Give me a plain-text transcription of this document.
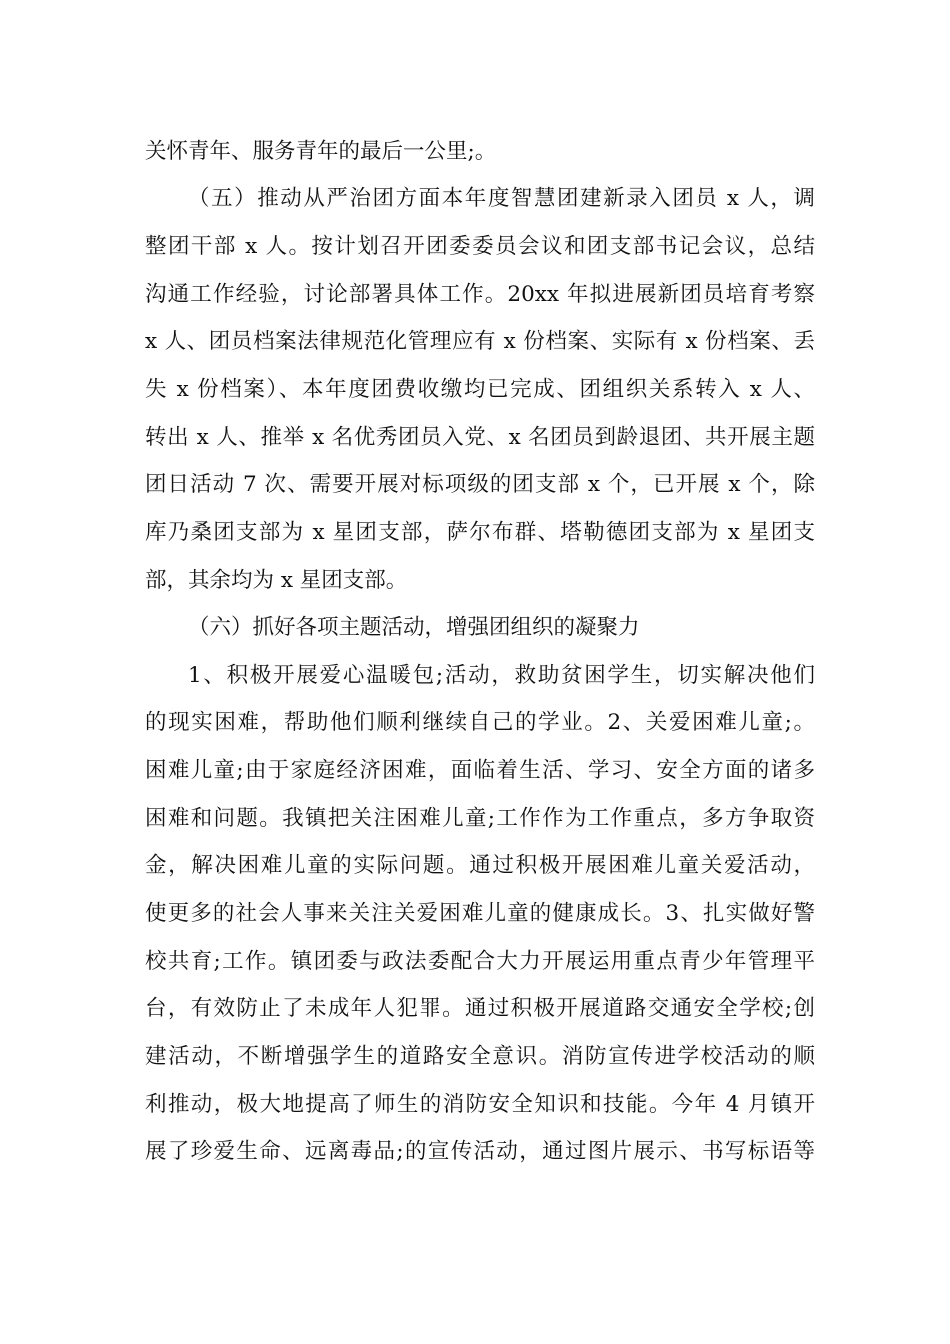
关怀青年、服务青年的最后一公里;。
（五）推动从严治团方面本年度智慧团建新录入团员 x 人，调
整团干部 x 人。按计划召开团委委员会议和团支部书记会议，总结
沟通工作经验，讨论部署具体工作。20xx 年拟进展新团员培育考察
x 人、团员档案法律规范化管理应有 x 份档案、实际有 x 份档案、丢
失 x 份档案）、本年度团费收缴均已完成、团组织关系转入 x 人、
转出 x 人、推举 x 名优秀团员入党、x 名团员到龄退团、共开展主题
团日活动 7 次、需要开展对标项级的团支部 x 个，已开展 x 个，除
库乃桑团支部为 x 星团支部，萨尔布群、塔勒德团支部为 x 星团支
部，其余均为 x 星团支部。
（六）抓好各项主题活动，增强团组织的凝聚力
1、积极开展爱心温暖包;活动，救助贫困学生，切实解决他们
的现实困难，帮助他们顺利继续自己的学业。2、关爱困难儿童;。
困难儿童;由于家庭经济困难，面临着生活、学习、安全方面的诸多
困难和问题。我镇把关注困难儿童;工作作为工作重点，多方争取资
金，解决困难儿童的实际问题。通过积极开展困难儿童关爱活动，
使更多的社会人事来关注关爱困难儿童的健康成长。3、扎实做好警
校共育;工作。镇团委与政法委配合大力开展运用重点青少年管理平
台，有效防止了未成年人犯罪。通过积极开展道路交通安全学校;创
建活动，不断增强学生的道路安全意识。消防宣传进学校活动的顺
利推动，极大地提高了师生的消防安全知识和技能。今年 4 月镇开
展了珍爱生命、远离毒品;的宣传活动，通过图片展示、书写标语等
